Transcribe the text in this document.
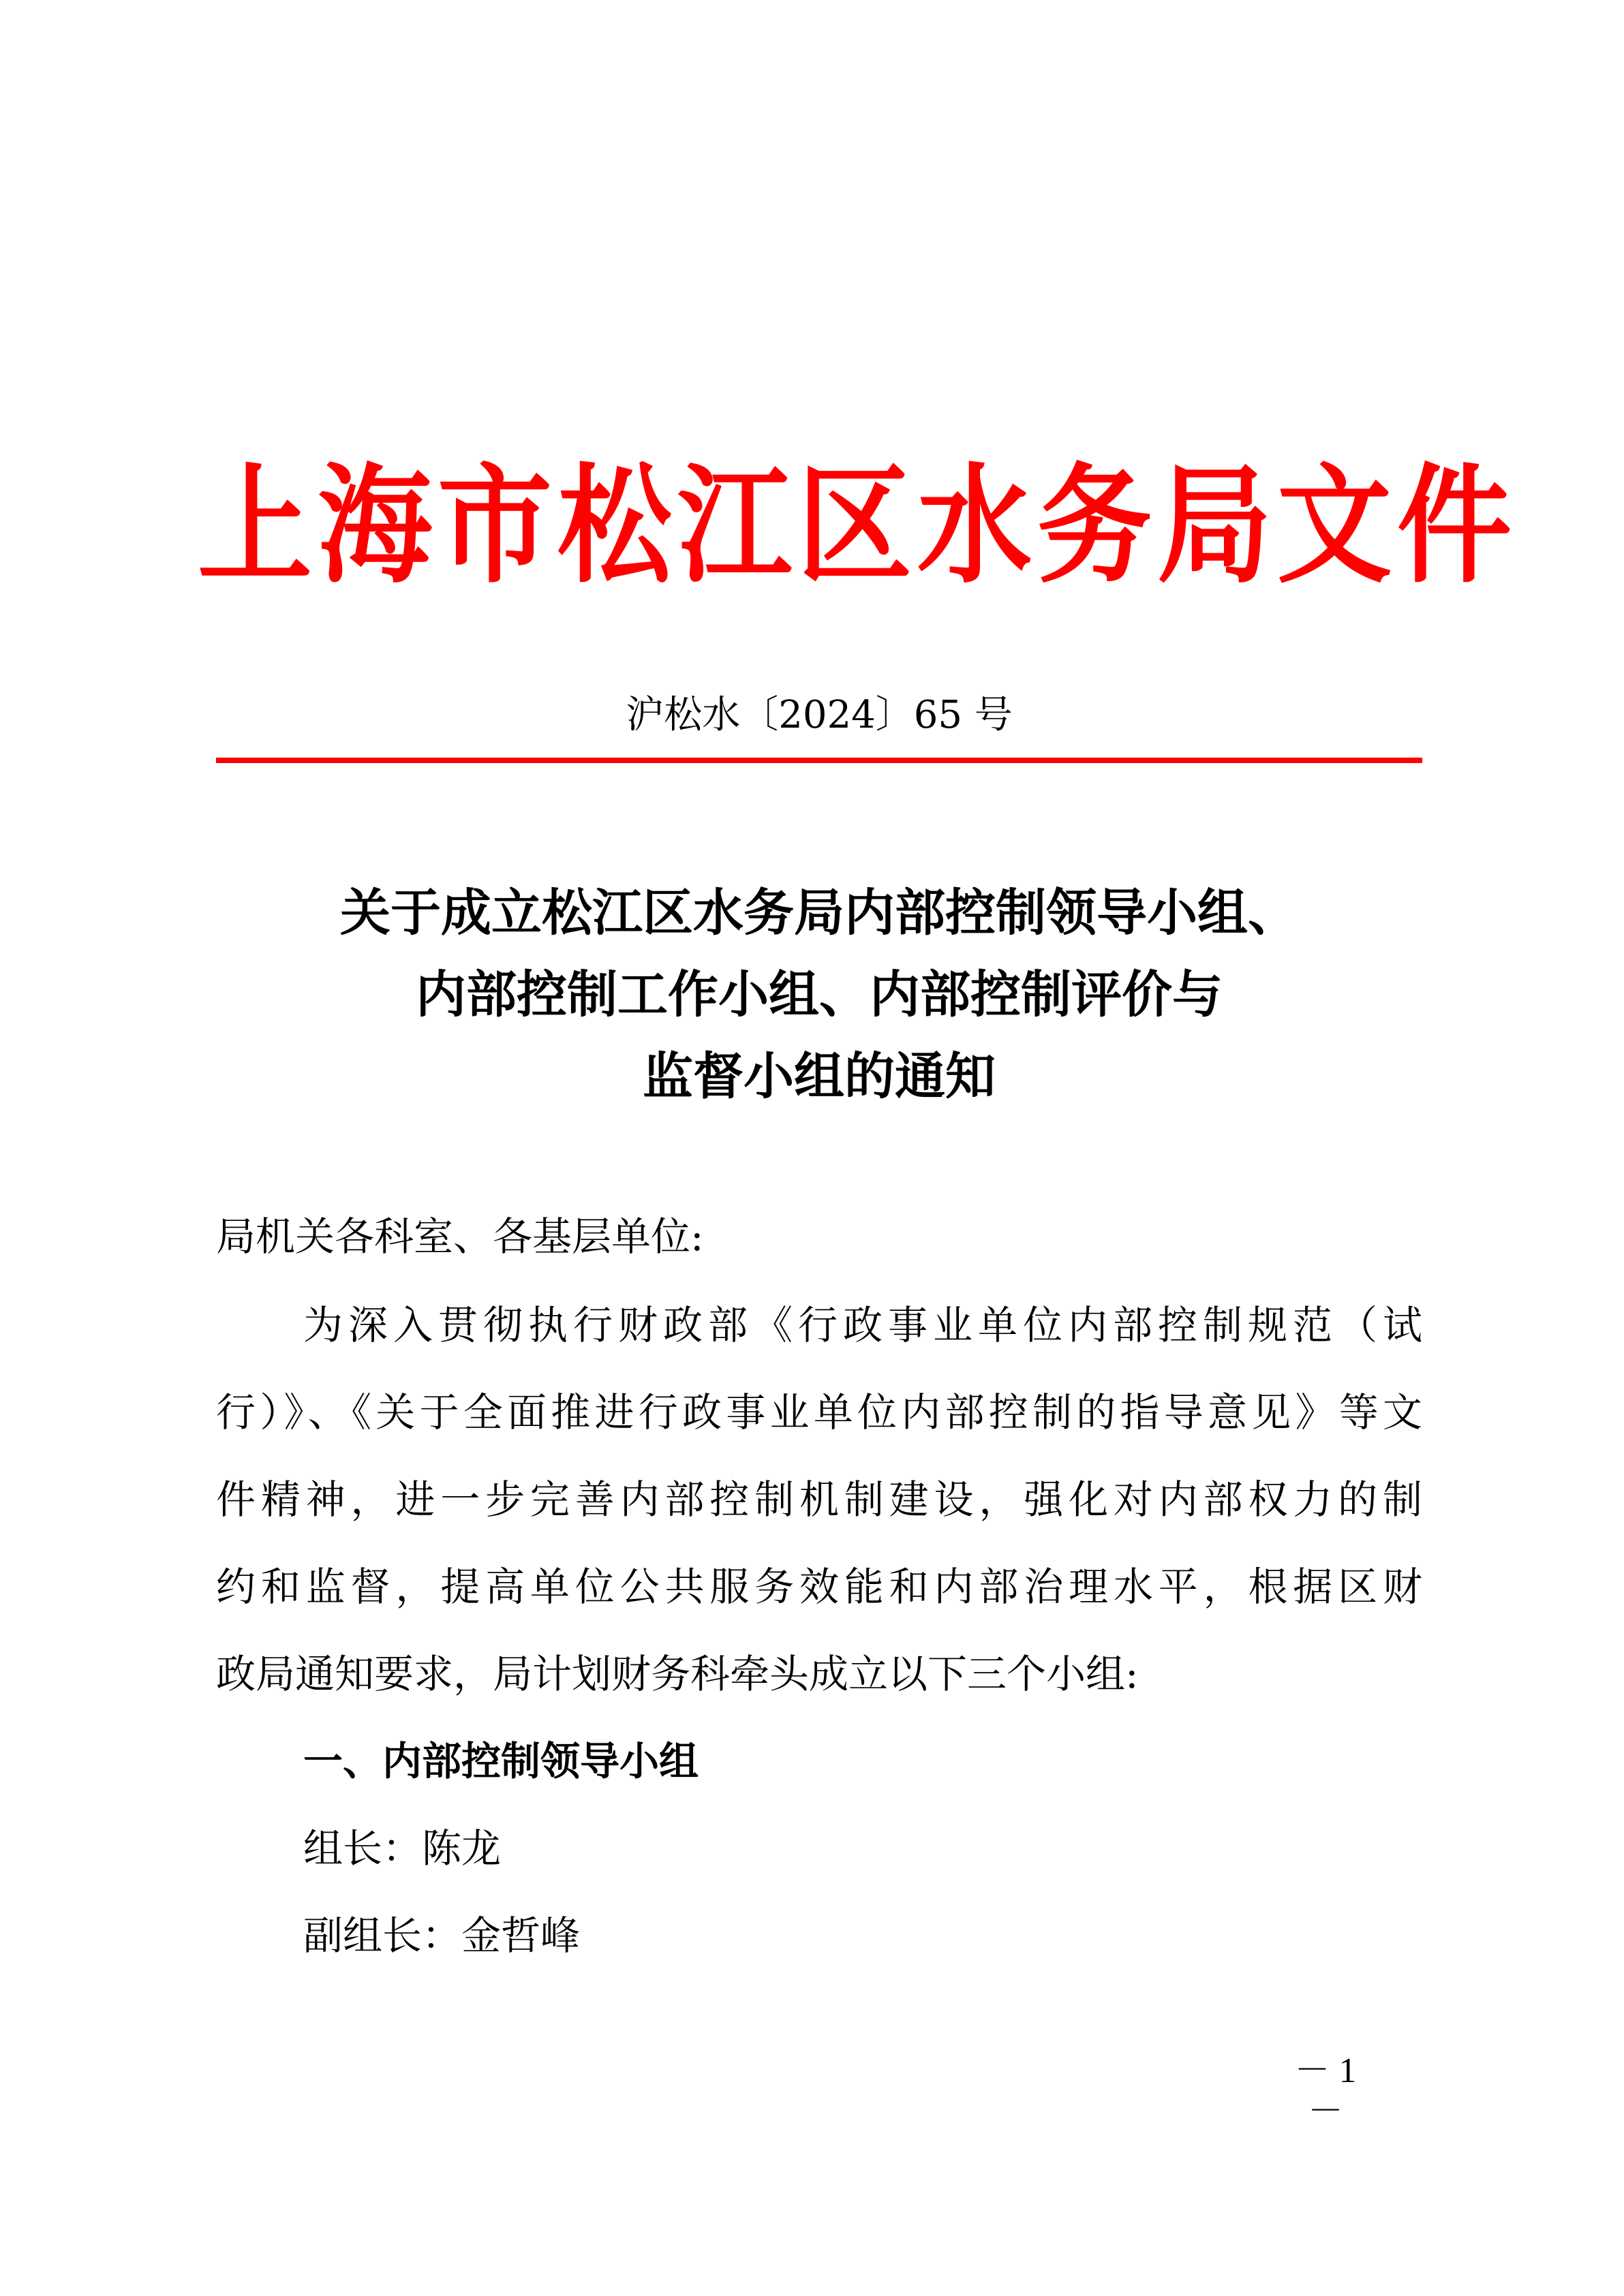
上海市松江区水务局文件
沪松水〔2024〕65 号
关于成立松江区水务局内部控制领导小组、
内部控制工作小组、内部控制评价与
监督小组的通知
局机关各科室、各基层单位:
为深入贯彻执行财政部《行政事业单位内部控制规范（试
行）》、《关于全面推进行政事业单位内部控制的指导意见》等文
件精神，进一步完善内部控制机制建设，强化对内部权力的制
约和监督，提高单位公共服务效能和内部治理水平，根据区财
政局通知要求，局计划财务科牵头成立以下三个小组:
一、内部控制领导小组
组长：陈龙
副组长：金哲峰
－ 1 －
